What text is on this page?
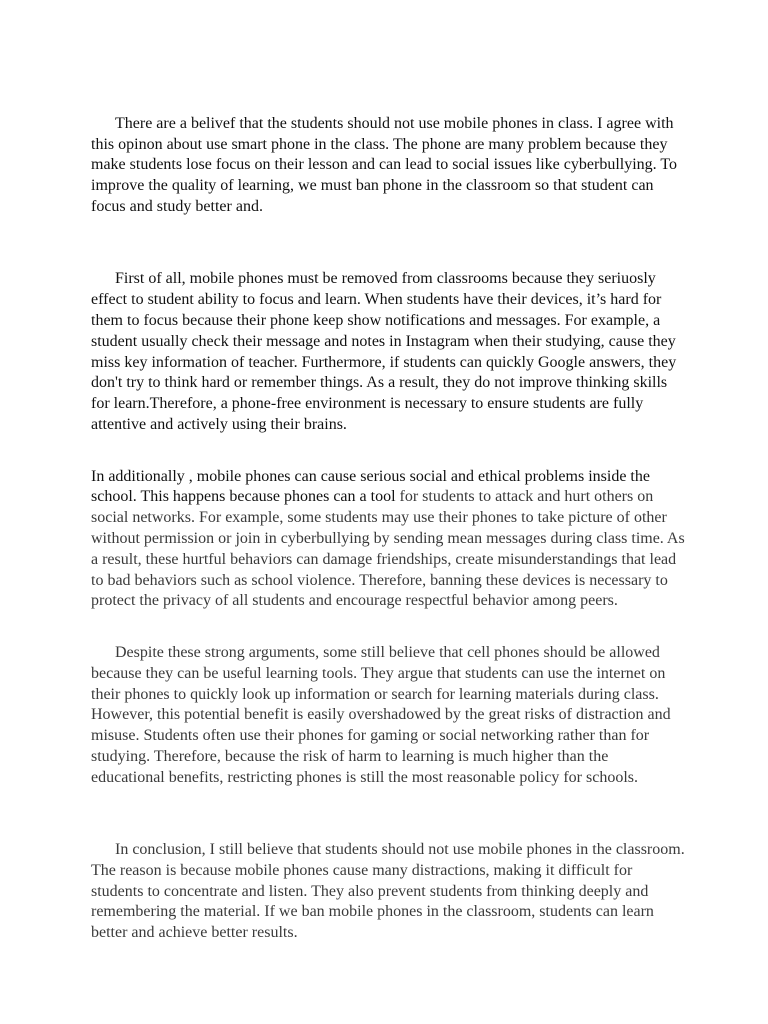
There are a belivef that the students should not use mobile phones in class. I agree with this opinon about use smart phone in the class. The phone are many problem because they make students lose focus on their lesson and can lead to social issues like cyberbullying. To improve the quality of learning, we must ban phone in the classroom so that student can  focus and study better and.

First of all, mobile phones must be removed from classrooms because they seriuosly effect to student ability to focus and learn. When students have their devices, it’s hard for them to focus because their phone keep show notifications and messages. For example, a student usually check their message and notes in Instagram when their studying, cause they miss key information of teacher. Furthermore, if students can quickly Google answers, they don't try to think hard or remember things. As a result, they do not improve thinking skills for learn.Therefore, a phone-free environment is necessary to ensure students are fully attentive and actively using their brains.

In additionally , mobile phones can cause serious social and ethical problems inside the school. This happens because phones can a tool for students to attack and hurt others on social networks. For example, some students may use their phones to take picture of other without permission or join in cyberbullying by sending mean messages during class time. As a result, these hurtful behaviors can damage friendships, create misunderstandings that lead to bad behaviors such as school violence. Therefore, banning these devices is necessary to protect the privacy of all students and encourage respectful behavior among peers.

Despite these strong arguments, some still believe that cell phones should be allowed because they can be useful learning tools. They argue that students can use the internet on their phones to quickly look up information or search for learning materials during class. However, this potential benefit is easily overshadowed by the great risks of distraction and misuse. Students often use their phones for gaming or social networking rather than for studying. Therefore, because the risk of harm to learning is much higher than the educational benefits, restricting phones is still the most reasonable policy for schools.

In conclusion, I still believe that students should not use mobile phones in the classroom. The reason is because mobile phones cause many distractions, making it difficult for students to concentrate and listen. They also prevent students from thinking deeply and remembering the material. If we ban mobile phones in the classroom, students can learn better and achieve better results.
